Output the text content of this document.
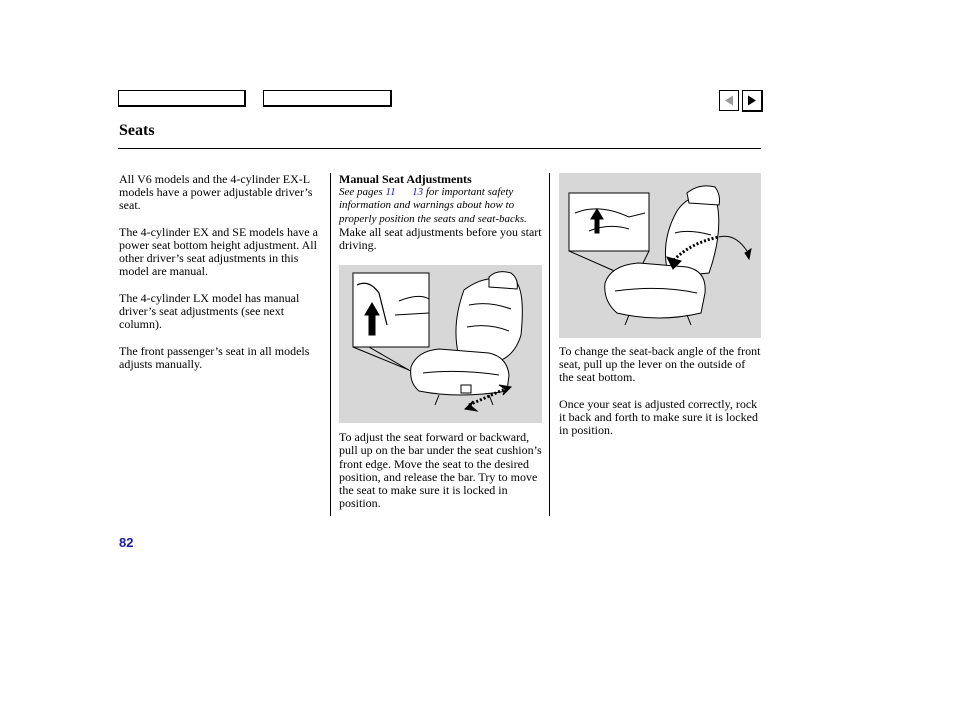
Seats

All V6 models and the 4-cylinder EX-L models have a power adjustable driver’s seat.

The 4-cylinder EX and SE models have a power seat bottom height adjustment. All other driver’s seat adjustments in this model are manual.

The 4-cylinder LX model has manual driver’s seat adjustments (see next column).

The front passenger’s seat in all models adjusts manually.

Manual Seat Adjustments

See pages 11 13 for important safety information and warnings about how to properly position the seats and seat-backs.

Make all seat adjustments before you start driving.

To adjust the seat forward or backward, pull up on the bar under the seat cushion’s front edge. Move the seat to the desired position, and release the bar. Try to move the seat to make sure it is locked in position.

To change the seat-back angle of the front seat, pull up the lever on the outside of the seat bottom.

Once your seat is adjusted correctly, rock it back and forth to make sure it is locked in position.

82
